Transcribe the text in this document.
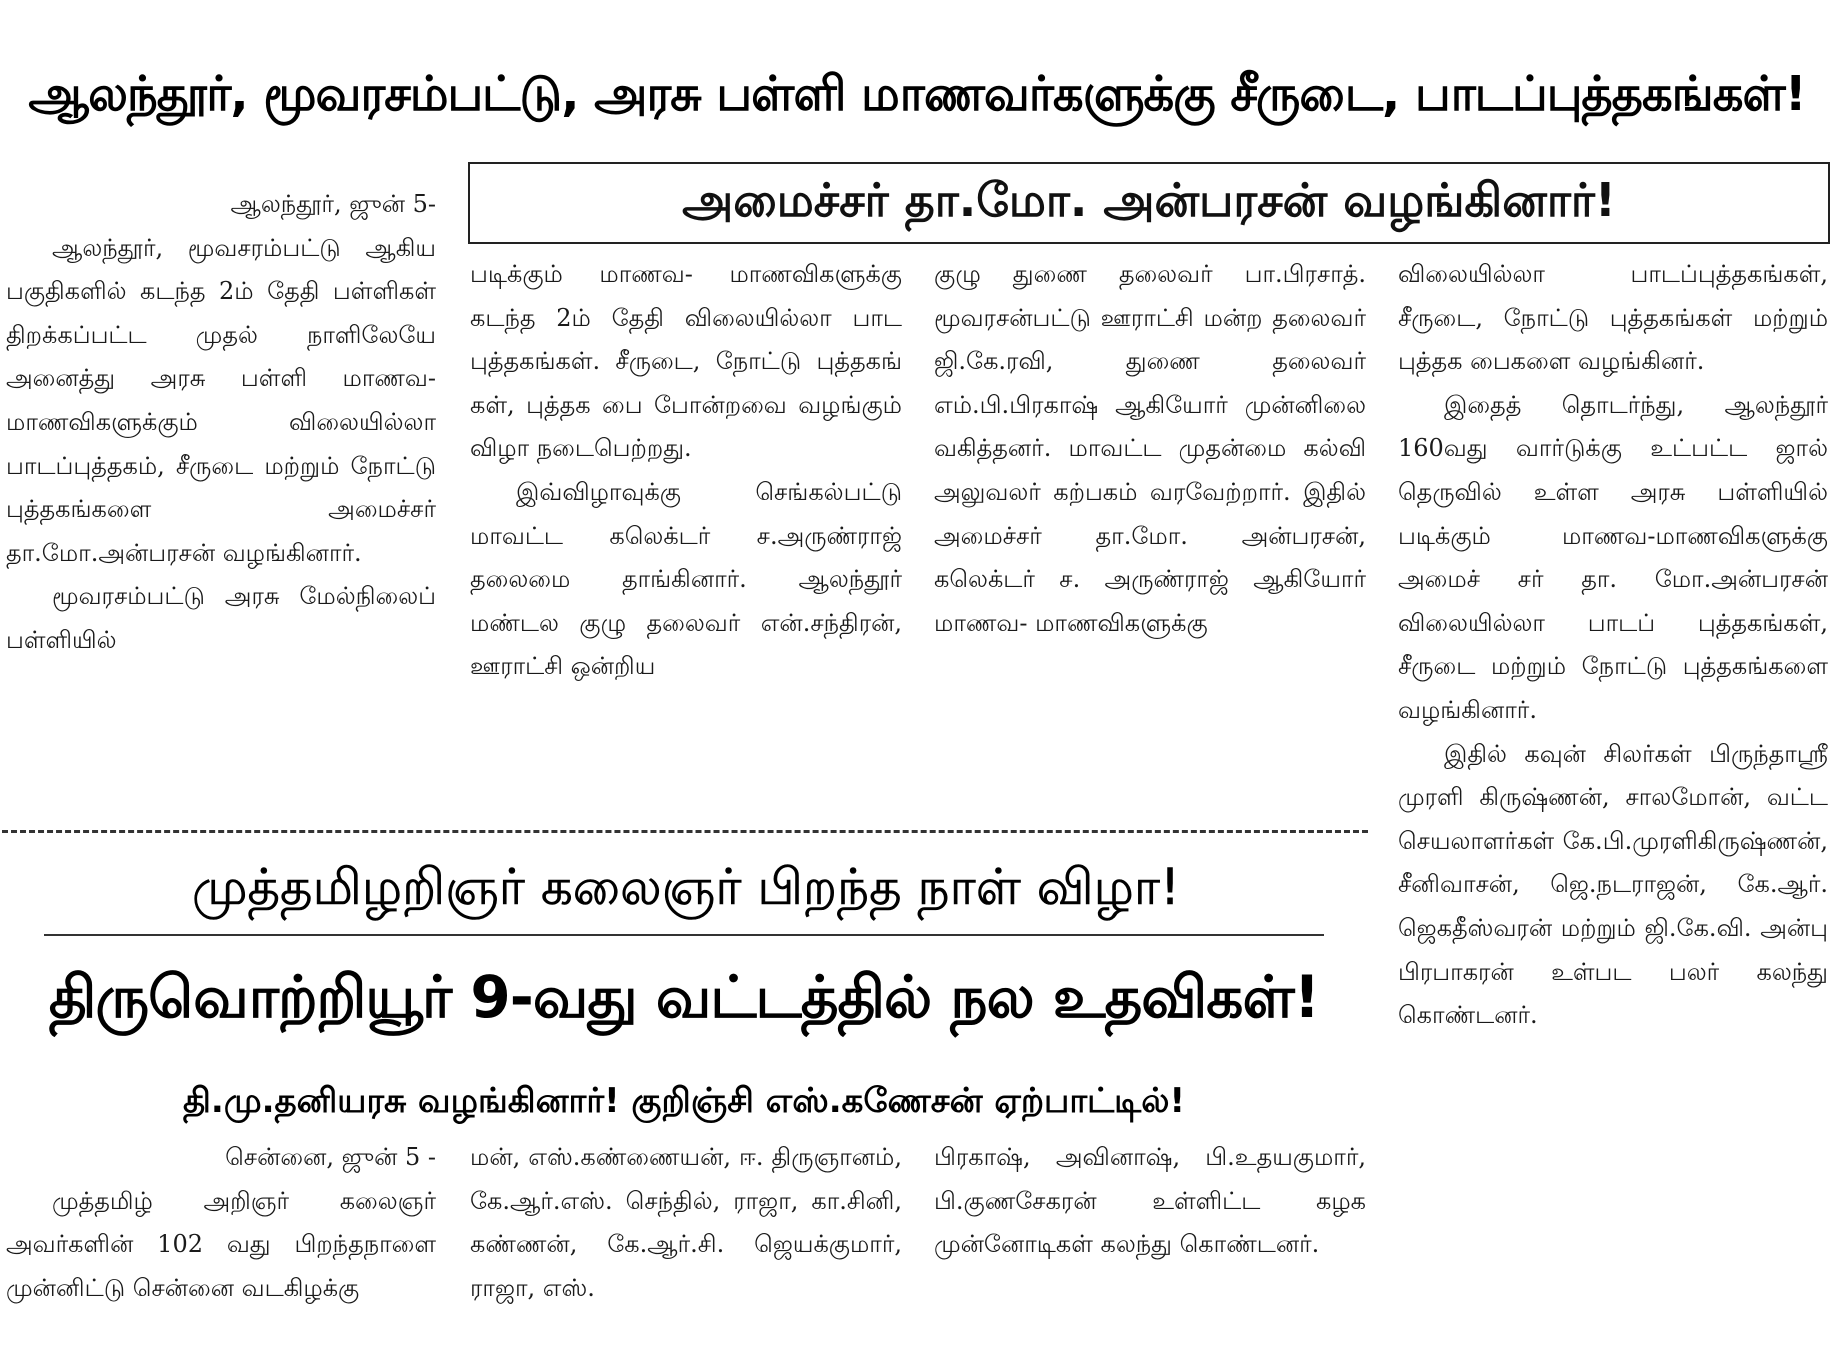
ஆலந்தூர், மூவரசம்பட்டு, அரசு பள்ளி மாணவர்களுக்கு சீருடை, பாடப்புத்தகங்கள்!
அமைச்சர் தா.மோ. அன்பரசன் வழங்கினார்!

ஆலந்தூர், ஜுன் 5-

ஆலந்தூர், மூவசரம்பட்டு ஆகிய பகுதிகளில் கடந்த 2ம் தேதி பள்ளிகள் திறக்கப்பட்ட முதல் நாளிலேயே அனைத்து அரசு பள்ளி மாணவ-மாணவிகளுக்கும் விலையில்லா பாடப்புத்தகம், சீருடை மற்றும் நோட்டு புத்தகங்களை அமைச்சர் தா.மோ.அன்பரசன் வழங்கினார்.

மூவரசம்பட்டு அரசு மேல்நிலைப் பள்ளியில்

படிக்கும் மாணவ- மாணவிகளுக்கு கடந்த 2ம் தேதி விலையில்லா பாட புத்தகங்கள். சீருடை, நோட்டு புத்தகங் கள், புத்தக பை போன்றவை வழங்கும் விழா நடைபெற்றது.

இவ்விழாவுக்கு செங்கல்பட்டு மாவட்ட கலெக்டர் ச.அருண்ராஜ் தலைமை தாங்கினார். ஆலந்தூர் மண்டல குழு தலைவர் என்.சந்திரன், ஊராட்சி ஒன்றிய

குழு துணை தலைவர் பா.பிரசாத். மூவரசன்பட்டு ஊராட்சி மன்ற தலைவர் ஜி.கே.ரவி, துணை தலைவர் எம்.பி.பிரகாஷ் ஆகியோர் முன்னிலை வகித்தனர். மாவட்ட முதன்மை கல்வி அலுவலர் கற்பகம் வரவேற்றார். இதில் அமைச்சர் தா.மோ. அன்பரசன், கலெக்டர் ச. அருண்ராஜ் ஆகியோர் மாணவ- மாணவிகளுக்கு

விலையில்லா பாடப்புத்தகங்கள், சீருடை, நோட்டு புத்தகங்கள் மற்றும் புத்தக பைகளை வழங்கினர்.

இதைத் தொடர்ந்து, ஆலந்தூர் 160வது வார்டுக்கு உட்பட்ட ஜால் தெருவில் உள்ள அரசு பள்ளியில் படிக்கும் மாணவ-மாணவிகளுக்கு அமைச் சர் தா. மோ.அன்பரசன் விலையில்லா பாடப் புத்தகங்கள், சீருடை மற்றும் நோட்டு புத்தகங்களை வழங்கினார்.

இதில் கவுன் சிலர்கள் பிருந்தாஸ்ரீ முரளி கிருஷ்ணன், சாலமோன், வட்ட செயலாளர்கள் கே.பி.முரளிகிருஷ்ணன், சீனிவாசன், ஜெ.நடராஜன், கே.ஆர். ஜெகதீஸ்வரன் மற்றும் ஜி.கே.வி. அன்பு பிரபாகரன் உள்பட பலர் கலந்து கொண்டனர்.

முத்தமிழறிஞர் கலைஞர் பிறந்த நாள் விழா!
திருவொற்றியூர் 9-வது வட்டத்தில் நல உதவிகள்!
தி.மு.தனியரசு வழங்கினார்! குறிஞ்சி எஸ்.கணேசன் ஏற்பாட்டில்!

சென்னை, ஜுன் 5 -

முத்தமிழ் அறிஞர் கலைஞர் அவர்களின் 102 வது பிறந்தநாளை முன்னிட்டு சென்னை வடகிழக்கு

மன், எஸ்.கண்ணையன், ஈ. திருஞானம், கே.ஆர்.எஸ். செந்தில், ராஜா, கா.சினி, கண்ணன், கே.ஆர்.சி. ஜெயக்குமார், ராஜா, எஸ்.

பிரகாஷ், அவினாஷ், பி.உதயகுமார், பி.குணசேகரன் உள்ளிட்ட கழக முன்னோடிகள் கலந்து கொண்டனர்.
